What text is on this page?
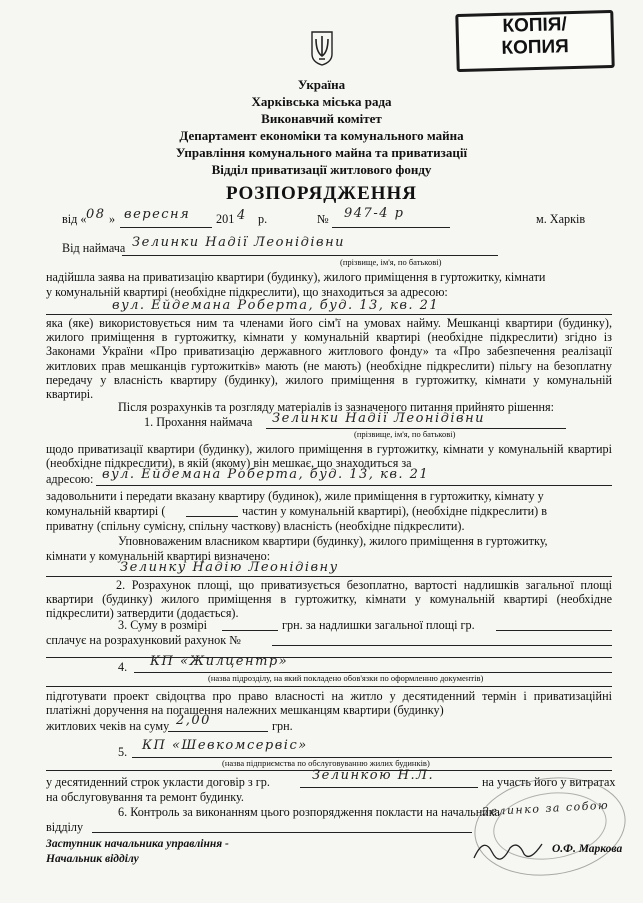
КОПІЯ/
КОПИЯ
Україна
Харківська міська рада
Виконавчий комітет
Департамент економіки та комунального майна
Управління комунального майна та приватизації
Відділ приватизації житлового фонду
РОЗПОРЯДЖЕННЯ
від « 08 » вересня 201 4 р.	№ 947-4 р	м. Харків
Від наймача Зелинки Надії Леонідівни
(прізвище, ім'я, по батькові)
надійшла заява на приватизацію квартири (будинку), жилого приміщення в гуртожитку, кімнати
у комунальній квартирі (необхідне підкреслити), що знаходиться за адресою:
вул. Ейдемана Роберта, буд. 13, кв. 21
яка (яке) використовується ним та членами його сім'ї на умовах найму. Мешканці квартири (будинку), жилого приміщення в гуртожитку, кімнати у комунальній квартирі (необхідне підкреслити) згідно із Законами України «Про приватизацію державного житлового фонду» та «Про забезпечення реалізації житлових прав мешканців гуртожитків» мають (не мають) (необхідне підкреслити) пільгу на безоплатну передачу у власність квартиру (будинку), жилого приміщення в гуртожитку, кімнати у комунальній квартирі.
Після розрахунків та розгляду матеріалів із зазначеного питання прийнято рішення:
1. Прохання наймача Зелинки Надії Леонідівни
(прізвище, ім'я, по батькові)
щодо приватизації квартири (будинку), жилого приміщення в гуртожитку, кімнати у комунальній квартирі (необхідне підкреслити), в якій (якому) він мешкає, що знаходиться за
адресою: вул. Ейдемана Роберта, буд. 13, кв. 21
задовольнити і передати вказану квартиру (будинок), жиле приміщення в гуртожитку, кімнату у
комунальній квартирі (	частин у комунальній квартирі), (необхідне підкреслити) в
приватну (спільну сумісну, спільну часткову) власність (необхідне підкреслити).
Уповноваженим власником квартири (будинку), жилого приміщення в гуртожитку,
кімнати у комунальній квартирі визначено:
Зелинку Надію Леонідівну
2. Розрахунок площі, що приватизується безоплатно, вартості надлишків загальної площі квартири (будинку) жилого приміщення в гуртожитку, кімнати у комунальній квартирі (необхідне підкреслити) затвердити (додається).
3. Суму в розмірі	грн. за надлишки загальної площі гр.
сплачує на розрахунковий рахунок №
4. КП «Жилцентр»
(назва підрозділу, на який покладено обов'язки по оформленню документів)
підготувати проект свідоцтва про право власності на житло у десятиденний термін і приватизаційні платіжні доручення на погашення належних мешканцям квартири (будинку)
житлових чеків на суму 2,00	грн.
5. КП «Шевкомсервіс»
(назва підприємства по обслуговуванню жилих будинків)
у десятиденний строк укласти договір з гр.	Зелинкою Н.Л.	на участь його у витратах
на обслуговування та ремонт будинку.
6. Контроль за виконанням цього розпорядження покласти на начальника
відділу
Зелинко за собою
Заступник начальника управління -
Начальник відділу
О.Ф. Маркова
